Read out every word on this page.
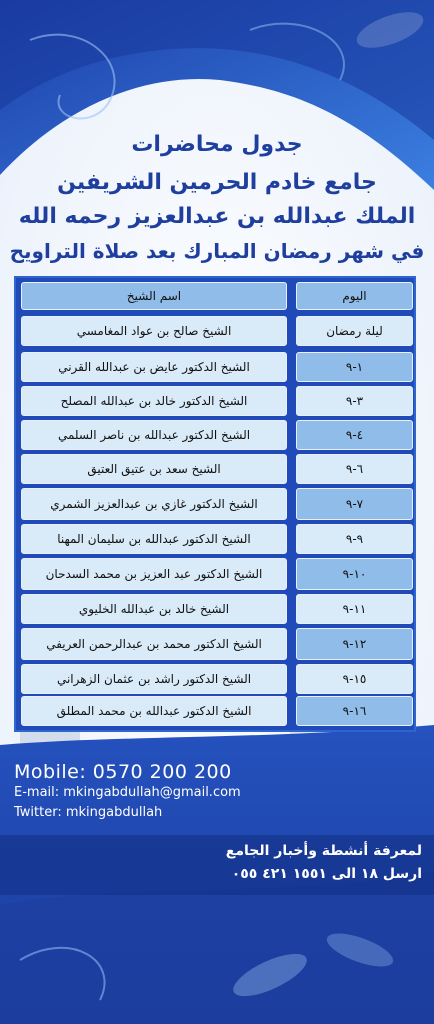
جدول محاضرات
جامع خادم الحرمين الشريفين
الملك عبدالله بن عبدالعزيز رحمه الله
في شهر رمضان المبارك بعد صلاة التراويح
اليوم
اسم الشيخ
ليلة رمضان
الشيخ صالح بن عواد المغامسي
١-٩
الشيخ الدكتور عايض بن عبدالله القرني
٣-٩
الشيخ الدكتور خالد بن عبدالله المصلح
٤-٩
الشيخ الدكتور عبدالله بن ناصر السلمي
٦-٩
الشيخ سعد بن عتيق العتيق
٧-٩
الشيخ الدكتور غازي بن عبدالعزيز الشمري
٩-٩
الشيخ الدكتور عبدالله بن سليمان المهنا
١٠-٩
الشيخ الدكتور عبد العزيز بن محمد السدحان
١١-٩
الشيخ خالد بن عبدالله الخليوي
١٢-٩
الشيخ الدكتور محمد بن عبدالرحمن العريفي
١٥-٩
الشيخ الدكتور راشد بن عثمان الزهراني
١٦-٩
الشيخ الدكتور عبدالله بن محمد المطلق
Mobile: 0570 200 200
E-mail: mkingabdullah@gmail.com
Twitter: mkingabdullah
لمعرفة أنشطة وأخبار الجامع
ارسل ١٨ الى ١٥٥١ ٤٢١ ٠٥٥
